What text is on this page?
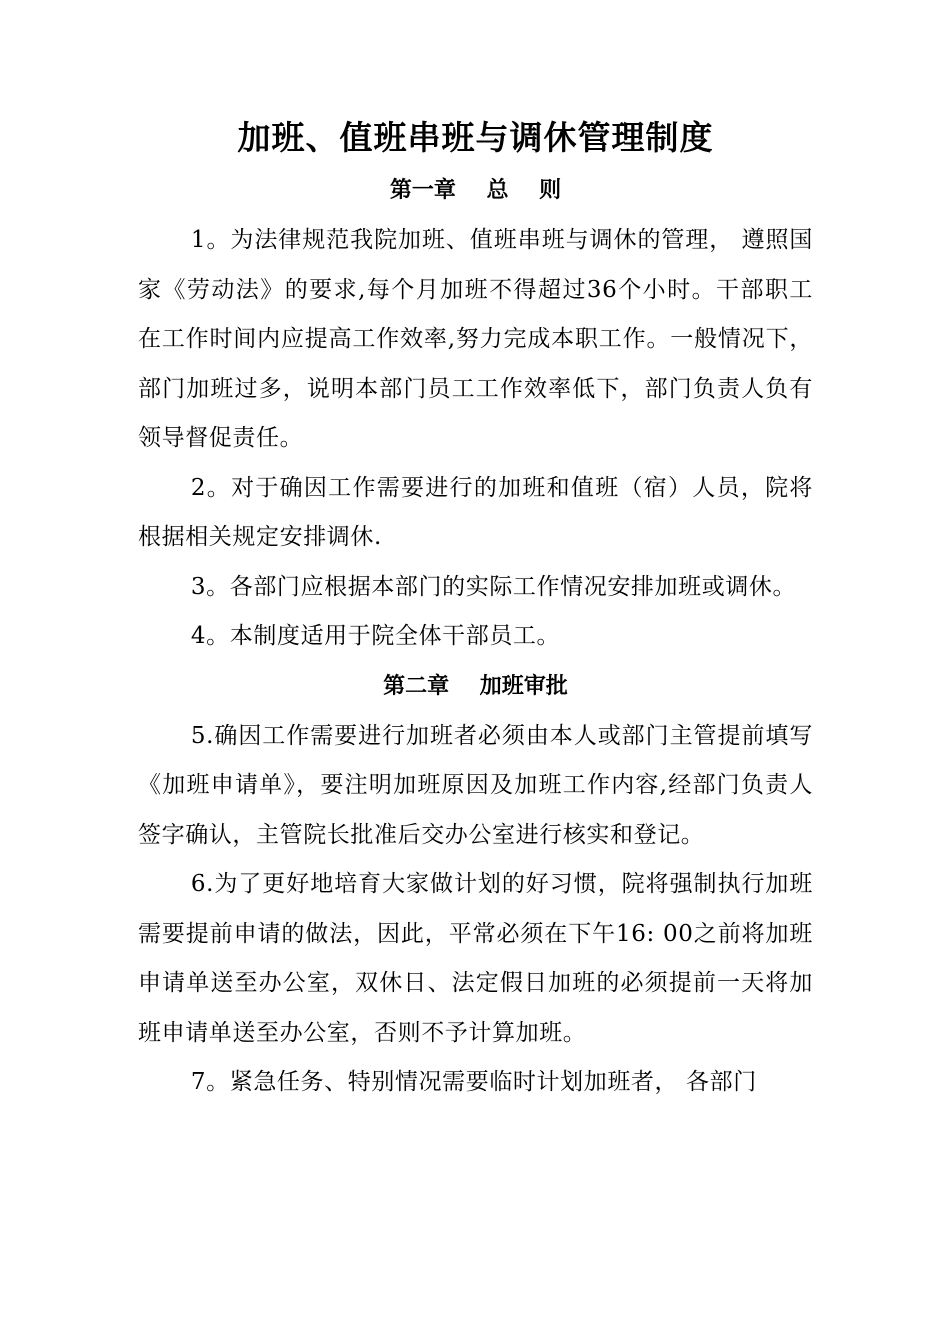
加班、值班串班与调休管理制度
第一章    总    则

1。为法律规范我院加班、值班串班与调休的管理， 遵照国家《劳动法》的要求,每个月加班不得超过36个小时。干部职工在工作时间内应提高工作效率,努力完成本职工作。一般情况下，部门加班过多，说明本部门员工工作效率低下，部门负责人负有领导督促责任。

2。对于确因工作需要进行的加班和值班（宿）人员，院将根据相关规定安排调休.

3。各部门应根据本部门的实际工作情况安排加班或调休。

4。本制度适用于院全体干部员工。

第二章    加班审批

5.确因工作需要进行加班者必须由本人或部门主管提前填写《加班申请单》，要注明加班原因及加班工作内容,经部门负责人签字确认，主管院长批准后交办公室进行核实和登记。

6.为了更好地培育大家做计划的好习惯，院将强制执行加班需要提前申请的做法，因此，平常必须在下午16: 00之前将加班申请单送至办公室，双休日、法定假日加班的必须提前一天将加班申请单送至办公室，否则不予计算加班。

7。紧急任务、特别情况需要临时计划加班者， 各部门
